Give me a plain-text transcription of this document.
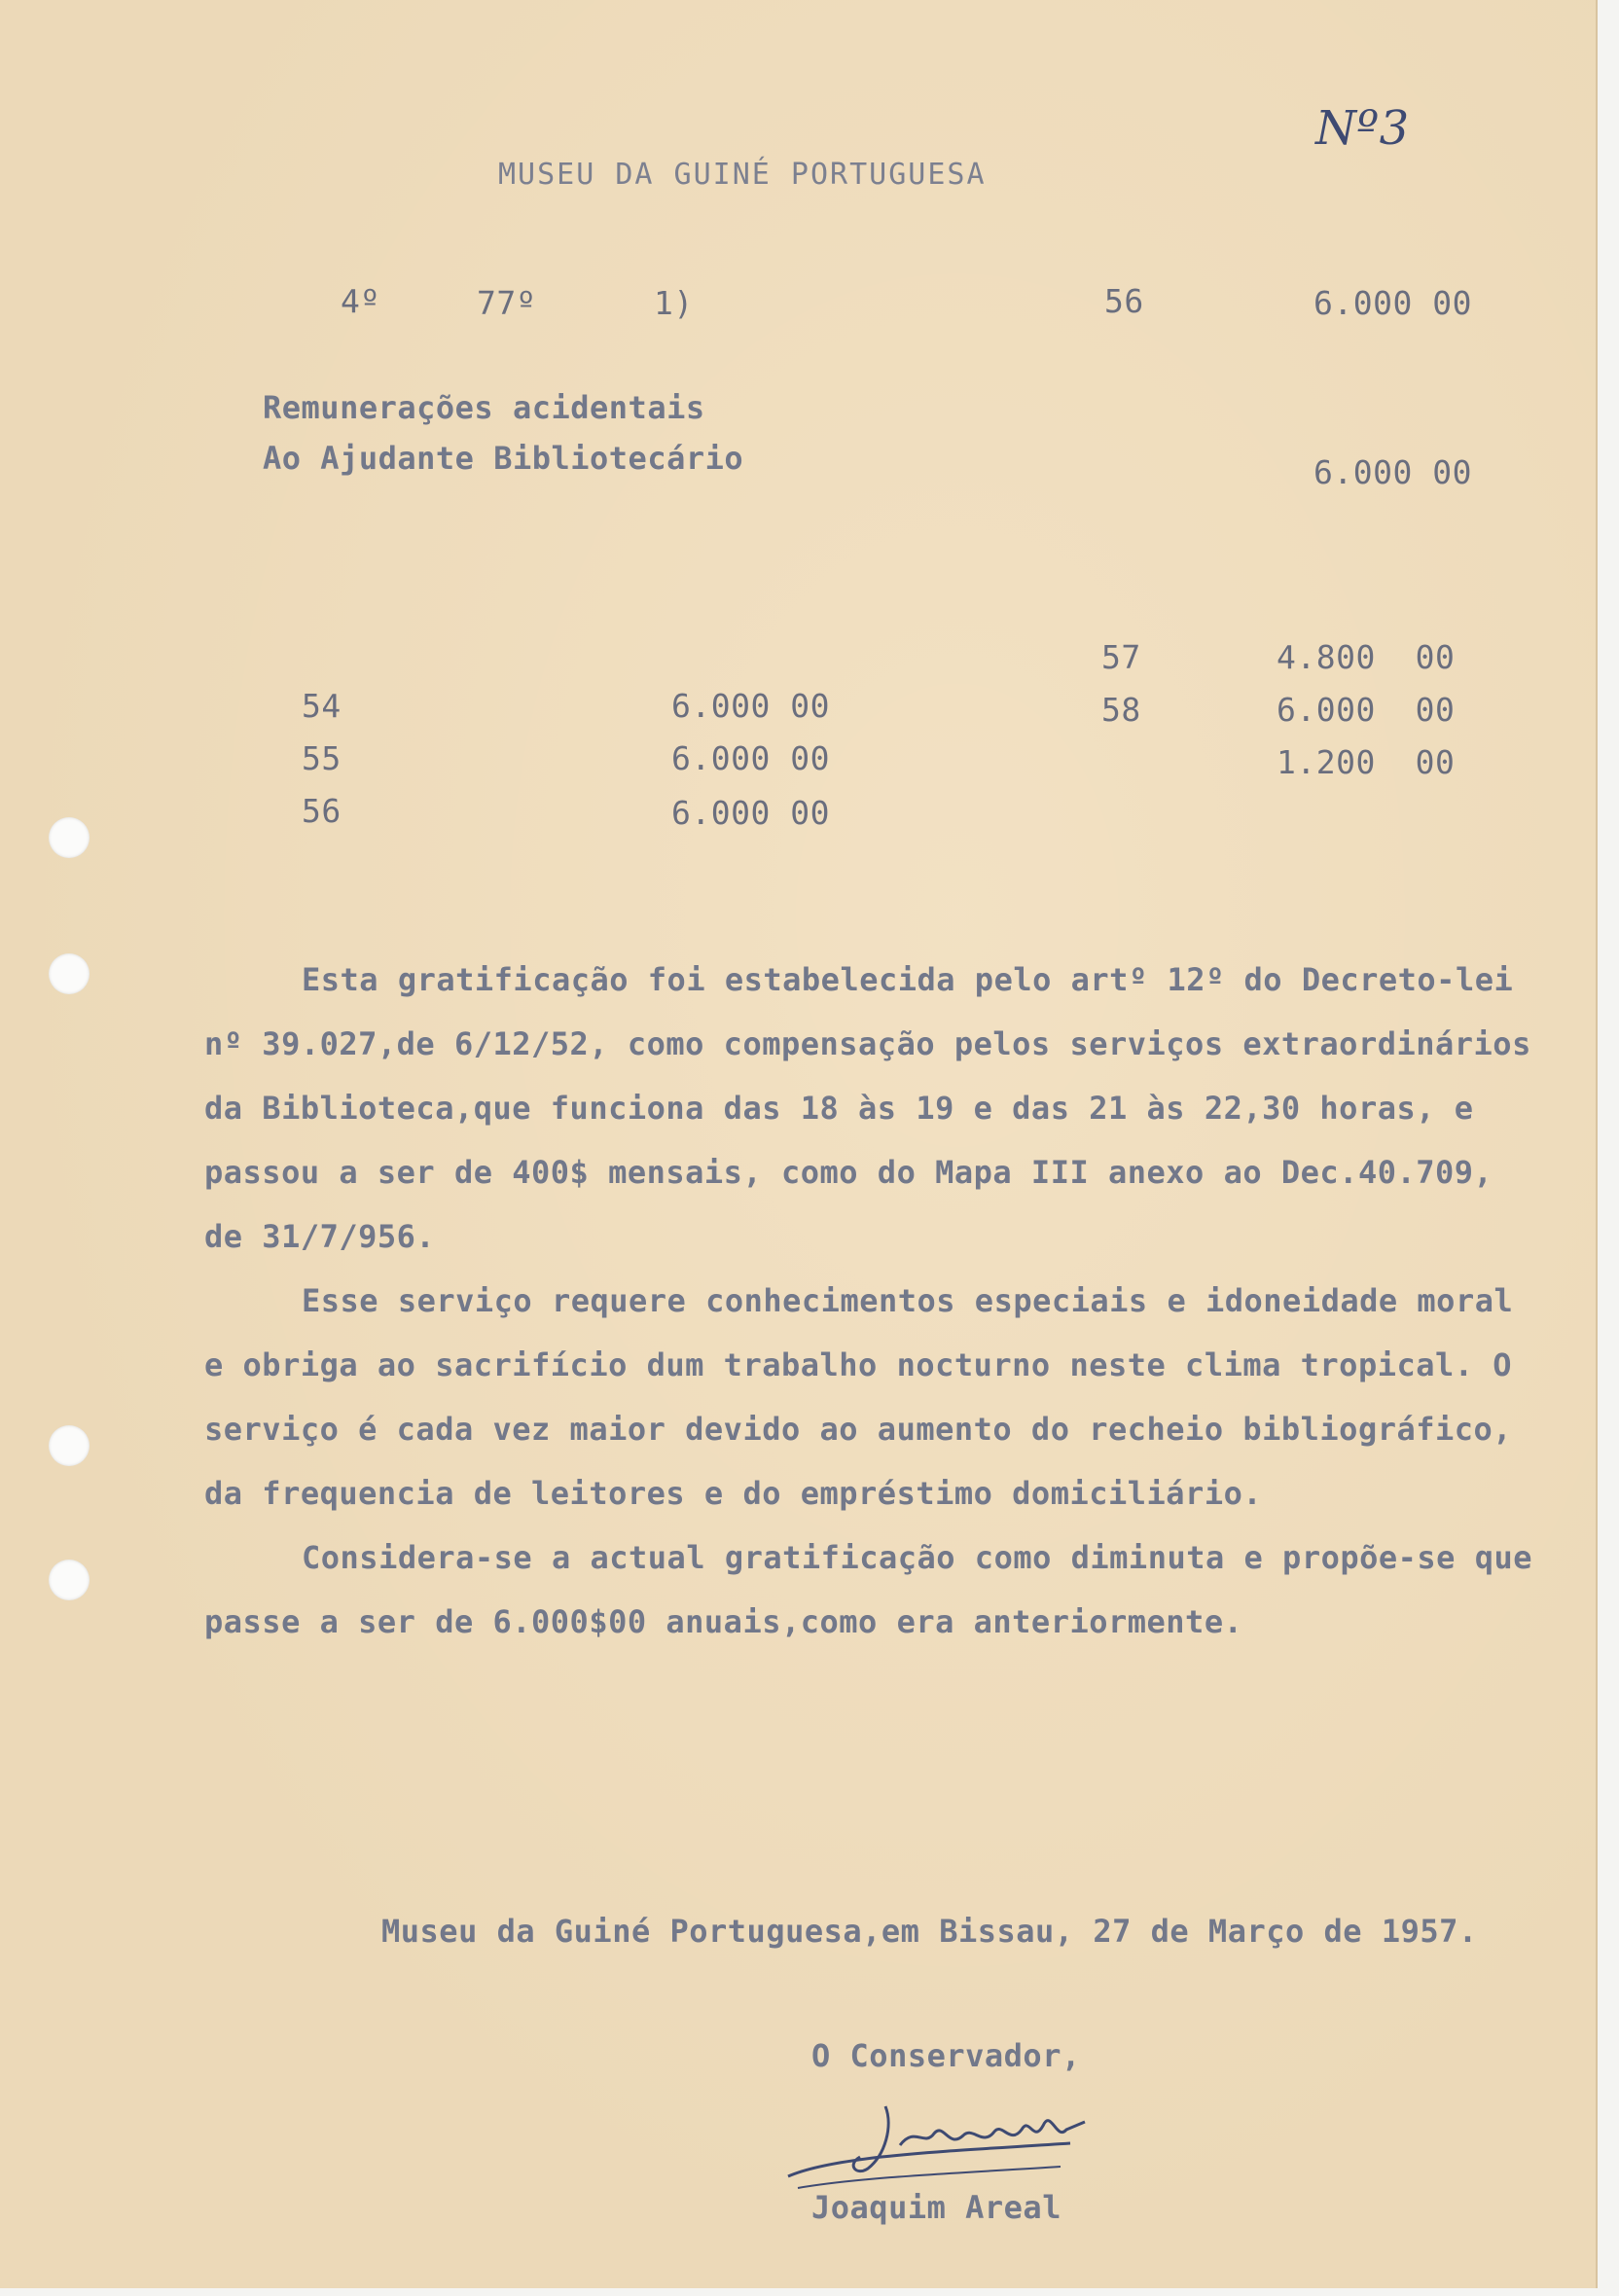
MUSEU DA GUINÉ PORTUGUESA
Nº3
4º	77º	1)	56	6.000 00
Remunerações acidentais
Ao Ajudante Bibliotecário	6.000 00
54	6.000 00
55	6.000 00
56	6.000 00
57	4.800  00
58	6.000  00
1.200  00
Esta gratificação foi estabelecida pelo artº 12º do Decreto-lei
nº 39.027,de 6/12/52, como compensação pelos serviços extraordinários
da Biblioteca,que funciona das 18 às 19 e das 21 às 22,30 horas, e
passou a ser de 400$ mensais, como do Mapa III anexo ao Dec.40.709,
de 31/7/956.
Esse serviço requere conhecimentos especiais e idoneidade moral
e obriga ao sacrifício dum trabalho nocturno neste clima tropical. O
serviço é cada vez maior devido ao aumento do recheio bibliográfico,
da frequencia de leitores e do empréstimo domiciliário.
Considera-se a actual gratificação como diminuta e propõe-se que
passe a ser de 6.000$00 anuais,como era anteriormente.
Museu da Guiné Portuguesa,em Bissau, 27 de Março de 1957.
O Conservador,
Joaquim Areal
